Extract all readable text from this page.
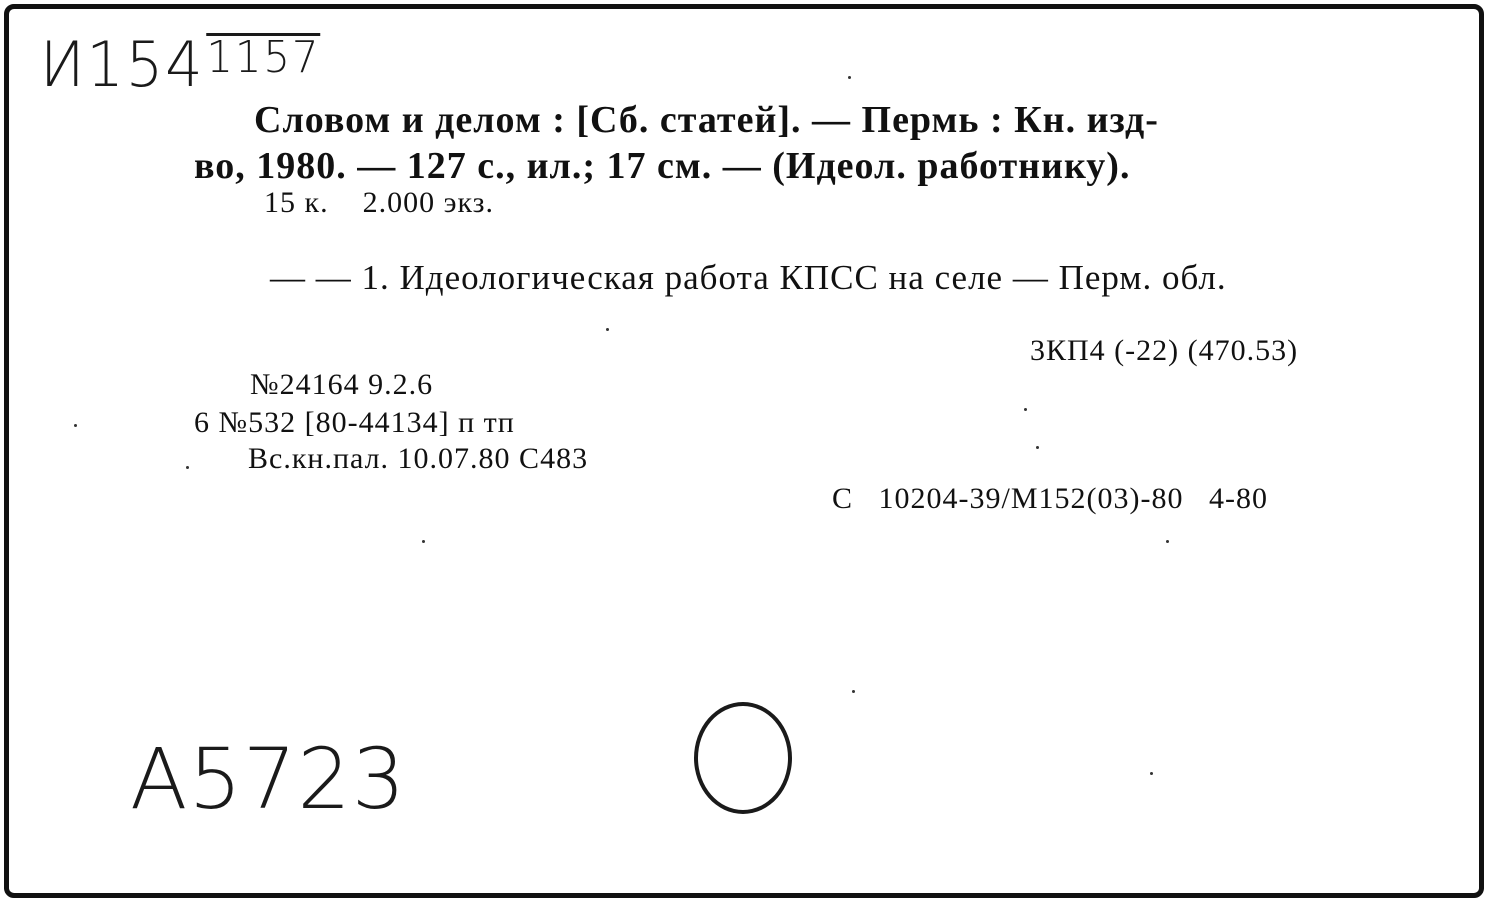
И1541157
Словом и делом : [Сб. статей]. — Пермь : Кн. изд-
во, 1980. — 127 с., ил.; 17 см. — (Идеол. работнику).
15 к.    2.000 экз.
— — 1. Идеологическая работа КПСС на селе — Перм. обл.
3КП4 (-22) (470.53)
№24164 9.2.6
6 №532 [80-44134] п тп
Вс.кн.пал. 10.07.80 С483
С   10204-39/М152(03)-80   4-80
А5723
